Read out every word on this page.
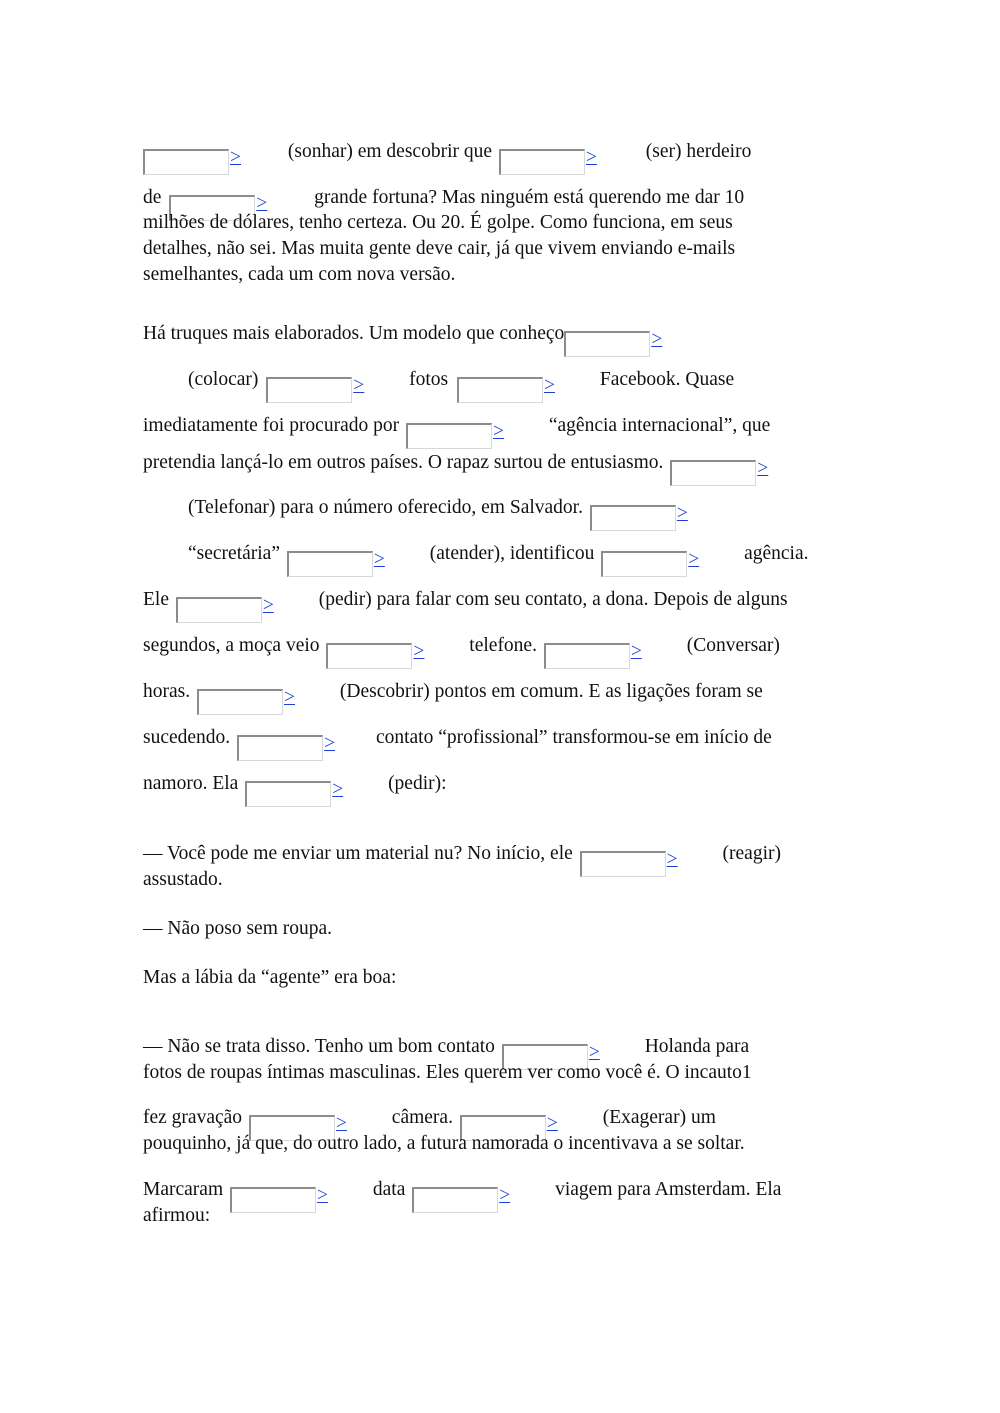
> (sonhar) em descobrir que	>	(ser) herdeiro
de	> grande fortuna? Mas ninguém está querendo me dar 10
milhões de dólares, tenho certeza. Ou 20. É golpe. Como funciona, em seus
detalhes, não sei. Mas muita gente deve cair, já que vivem enviando e-mails
semelhantes, cada um com nova versão.
Há truques mais elaborados. Um modelo que conheço	>
(colocar)	> fotos	> Facebook. Quase
imediatamente foi procurado por	> “agência internacional”, que
pretendia lançá-lo em outros países. O rapaz surtou de entusiasmo.	>
(Telefonar) para o número oferecido, em Salvador.	>
“secretária”	> (atender), identificou	> agência.
Ele	> (pedir) para falar com seu contato, a dona. Depois de alguns
segundos, a moça veio	> telefone.	> (Conversar)
horas.	> (Descobrir) pontos em comum. E as ligações foram se
sucedendo.	> contato “profissional” transformou-se em início de
namoro. Ela	> (pedir):
— Você pode me enviar um material nu? No início, ele	> (reagir)
assustado.
— Não poso sem roupa.
Mas a lábia da “agente” era boa:
— Não se trata disso. Tenho um bom contato	> Holanda para
fotos de roupas íntimas masculinas. Eles querem ver como você é. O incauto1
fez gravação	> câmera.	> (Exagerar) um
pouquinho, já que, do outro lado, a futura namorada o incentivava a se soltar.
Marcaram	> data	> viagem para Amsterdam. Ela
afirmou:
